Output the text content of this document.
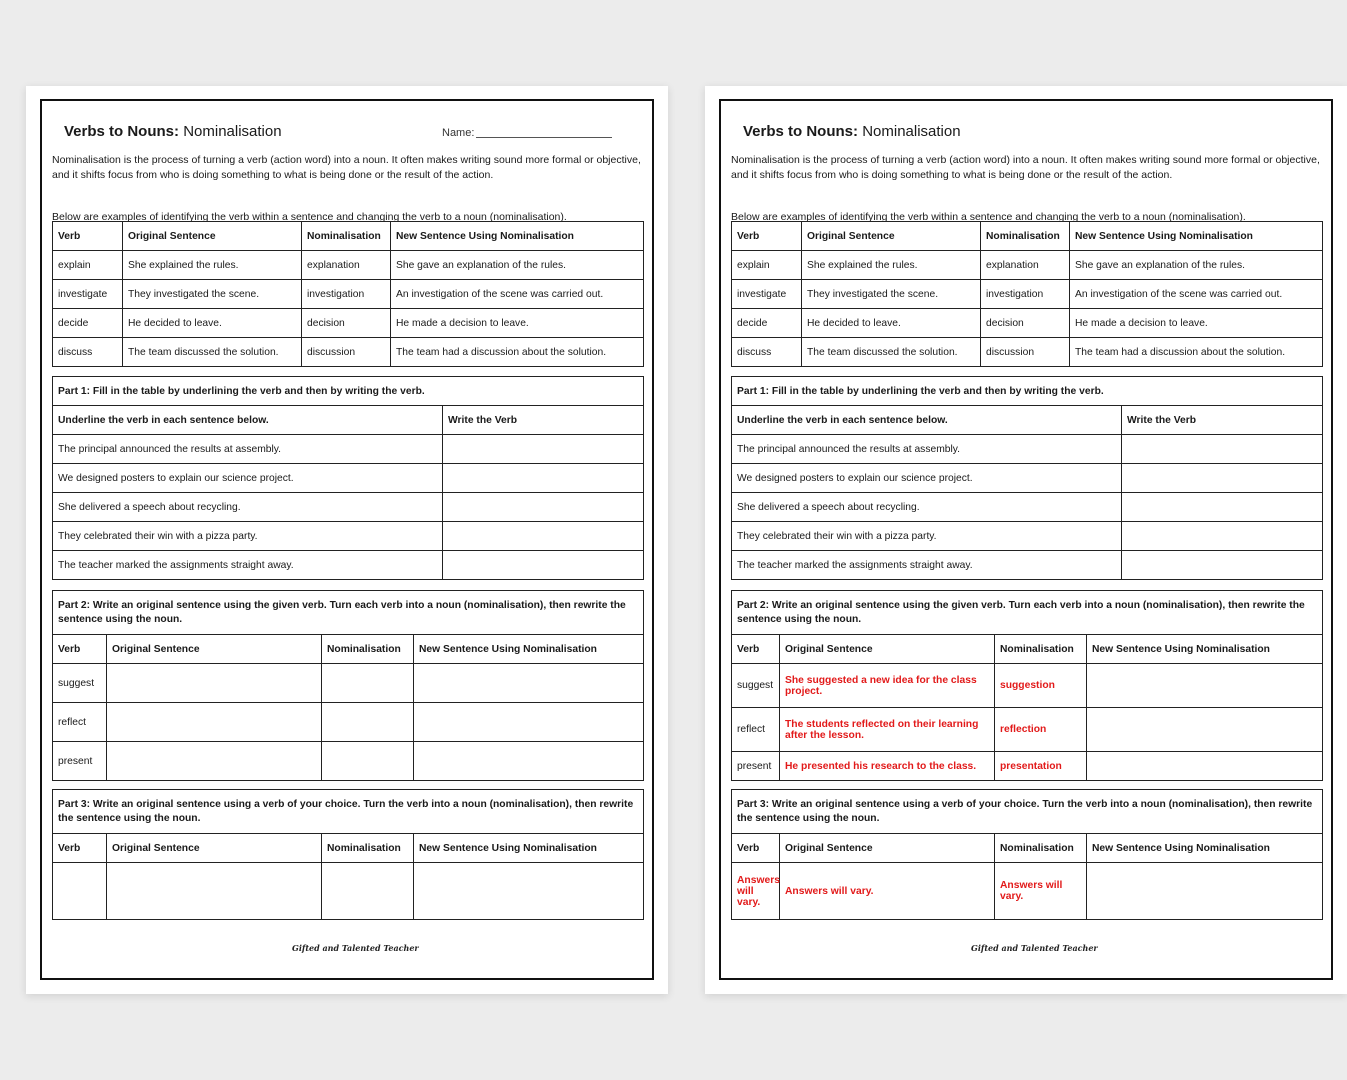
Verbs to Nouns: Nominalisation	Name:
Nominalisation is the process of turning a verb (action word) into a noun. It often makes writing sound more formal or objective, and it shifts focus from who is doing something to what is being done or the result of the action.
Below are examples of identifying the verb within a sentence and changing the verb to a noun (nominalisation).
Verb	Original Sentence	Nominalisation	New Sentence Using Nominalisation
explain	She explained the rules.	explanation	She gave an explanation of the rules.
investigate	They investigated the scene.	investigation	An investigation of the scene was carried out.
decide	He decided to leave.	decision	He made a decision to leave.
discuss	The team discussed the solution.	discussion	The team had a discussion about the solution.
Part 1: Fill in the table by underlining the verb and then by writing the verb.	
Underline the verb in each sentence below.	Write the Verb
The principal announced the results at assembly.	
We designed posters to explain our science project.	
She delivered a speech about recycling.	
They celebrated their win with a pizza party.	
The teacher marked the assignments straight away.	
Part 2: Write an original sentence using the given verb. Turn each verb into a noun (nominalisation), then rewrite the sentence using the noun.			
Verb	Original Sentence	Nominalisation	New Sentence Using Nominalisation
suggest			
reflect			
present			
Part 3: Write an original sentence using a verb of your choice. Turn the verb into a noun (nominalisation), then rewrite the sentence using the noun.			
Verb	Original Sentence	Nominalisation	New Sentence Using Nominalisation

Gifted and Talented Teacher
Verbs to Nouns: Nominalisation
Nominalisation is the process of turning a verb (action word) into a noun. It often makes writing sound more formal or objective, and it shifts focus from who is doing something to what is being done or the result of the action.
Below are examples of identifying the verb within a sentence and changing the verb to a noun (nominalisation).
Verb	Original Sentence	Nominalisation	New Sentence Using Nominalisation
explain	She explained the rules.	explanation	She gave an explanation of the rules.
investigate	They investigated the scene.	investigation	An investigation of the scene was carried out.
decide	He decided to leave.	decision	He made a decision to leave.
discuss	The team discussed the solution.	discussion	The team had a discussion about the solution.
Part 1: Fill in the table by underlining the verb and then by writing the verb.	
Underline the verb in each sentence below.	Write the Verb
The principal announced the results at assembly.	
We designed posters to explain our science project.	
She delivered a speech about recycling.	
They celebrated their win with a pizza party.	
The teacher marked the assignments straight away.	
Part 2: Write an original sentence using the given verb. Turn each verb into a noun (nominalisation), then rewrite the sentence using the noun.			
Verb	Original Sentence	Nominalisation	New Sentence Using Nominalisation
suggest	She suggested a new idea for the class project.	suggestion	
reflect	The students reflected on their learning after the lesson.	reflection	
present	He presented his research to the class.	presentation	
Part 3: Write an original sentence using a verb of your choice. Turn the verb into a noun (nominalisation), then rewrite the sentence using the noun.			
Verb	Original Sentence	Nominalisation	New Sentence Using Nominalisation
Answers will vary.	Answers will vary.	Answers will vary.	
Gifted and Talented Teacher
